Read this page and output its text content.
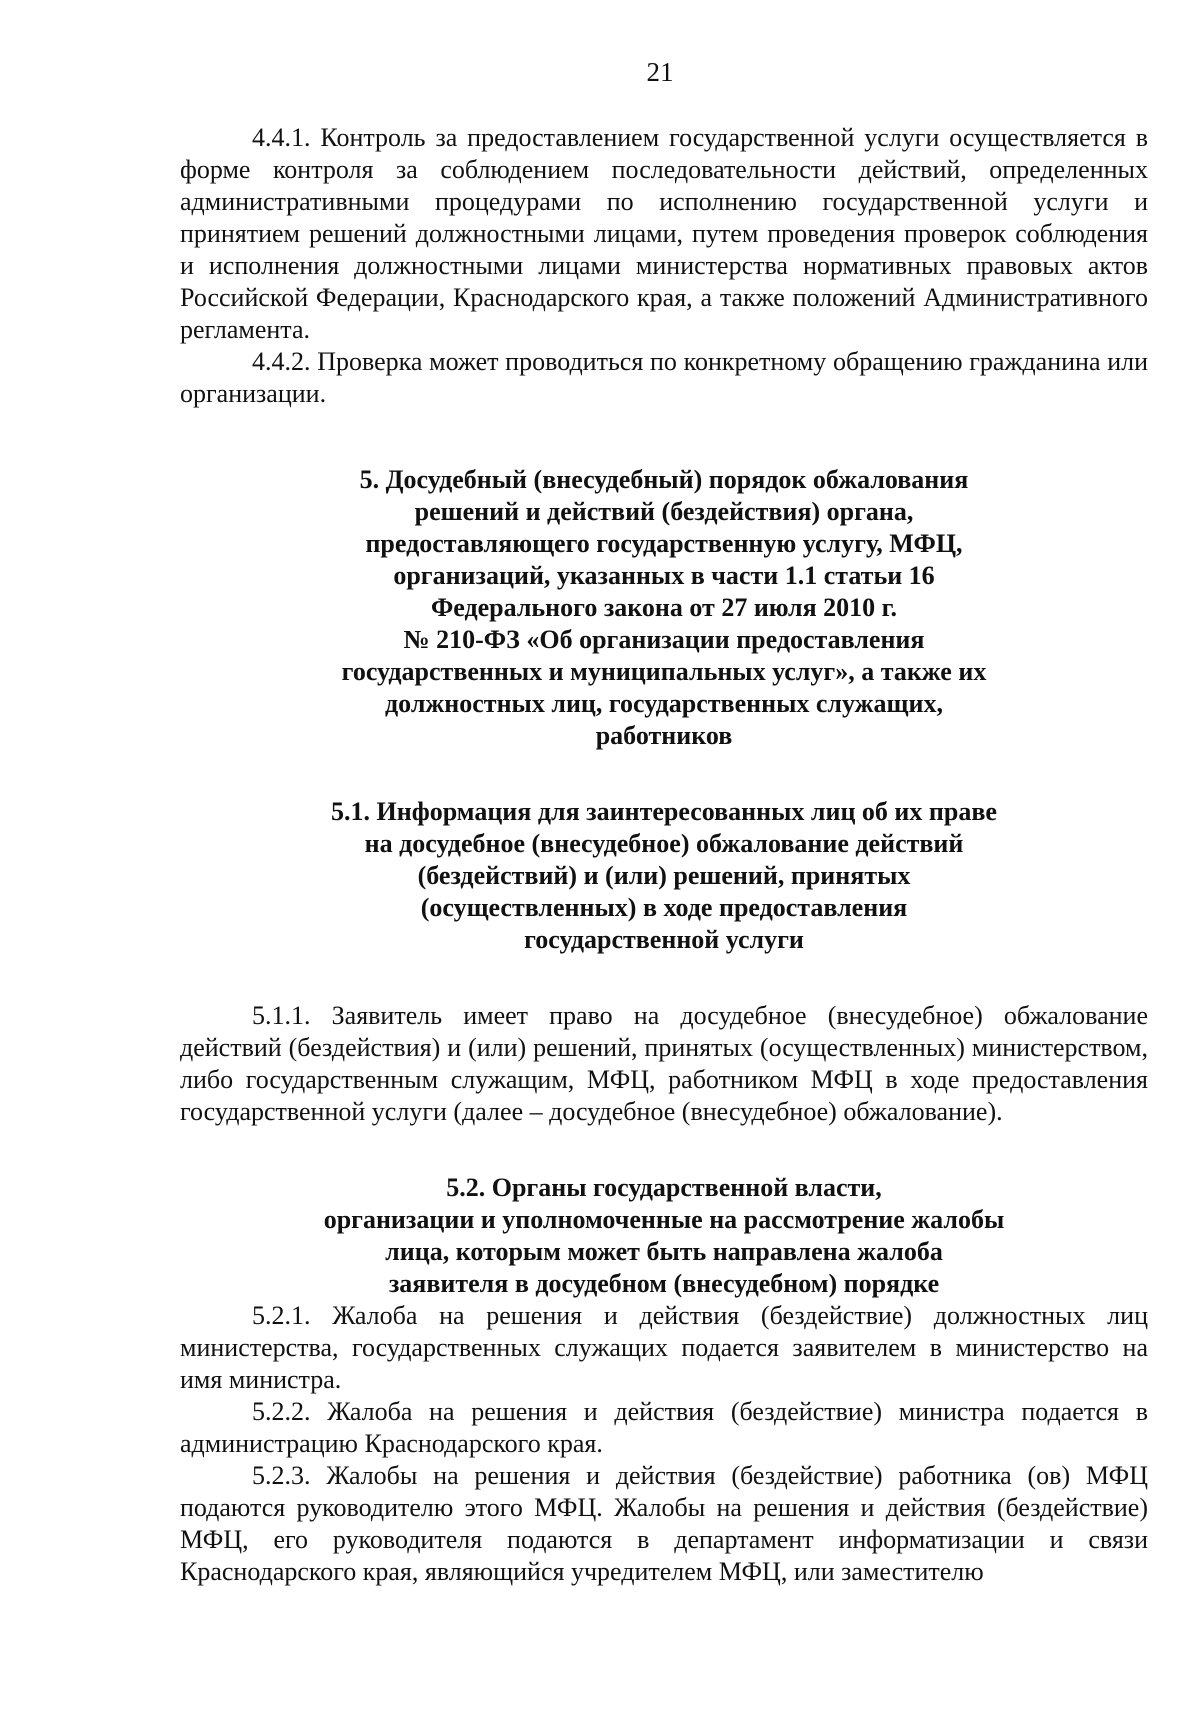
21

4.4.1. Контроль за предоставлением государственной услуги осуществляется в форме контроля за соблюдением последовательности действий, определенных административными процедурами по исполнению государственной услуги и принятием решений должностными лицами, путем проведения проверок соблюдения и исполнения должностными лицами министерства нормативных правовых актов Российской Федерации, Краснодарского края, а также положений Административного регламента.

4.4.2. Проверка может проводиться по конкретному обращению гражданина или организации.

5. Досудебный (внесудебный) порядок обжалования
решений и действий (бездействия) органа,
предоставляющего государственную услугу, МФЦ,
организаций, указанных в части 1.1 статьи 16
Федерального закона от 27 июля 2010 г.
№ 210-ФЗ «Об организации предоставления
государственных и муниципальных услуг», а также их
должностных лиц, государственных служащих,
работников
5.1. Информация для заинтересованных лиц об их праве
на досудебное (внесудебное) обжалование действий
(бездействий) и (или) решений, принятых
(осуществленных) в ходе предоставления
государственной услуги

5.1.1. Заявитель имеет право на досудебное (внесудебное) обжалование действий (бездействия) и (или) решений, принятых (осуществленных) министерством, либо государственным служащим, МФЦ, работником МФЦ в ходе предоставления государственной услуги (далее – досудебное (внесудебное) обжалование).

5.2. Органы государственной власти,
организации и уполномоченные на рассмотрение жалобы
лица, которым может быть направлена жалоба
заявителя в досудебном (внесудебном) порядке

5.2.1. Жалоба на решения и действия (бездействие) должностных лиц министерства, государственных служащих подается заявителем в министерство на имя министра.

5.2.2. Жалоба на решения и действия (бездействие) министра подается в администрацию Краснодарского края.

5.2.3. Жалобы на решения и действия (бездействие) работника (ов) МФЦ подаются руководителю этого МФЦ. Жалобы на решения и действия (бездействие) МФЦ, его руководителя подаются в департамент информатизации и связи Краснодарского края, являющийся учредителем МФЦ, или заместителю
